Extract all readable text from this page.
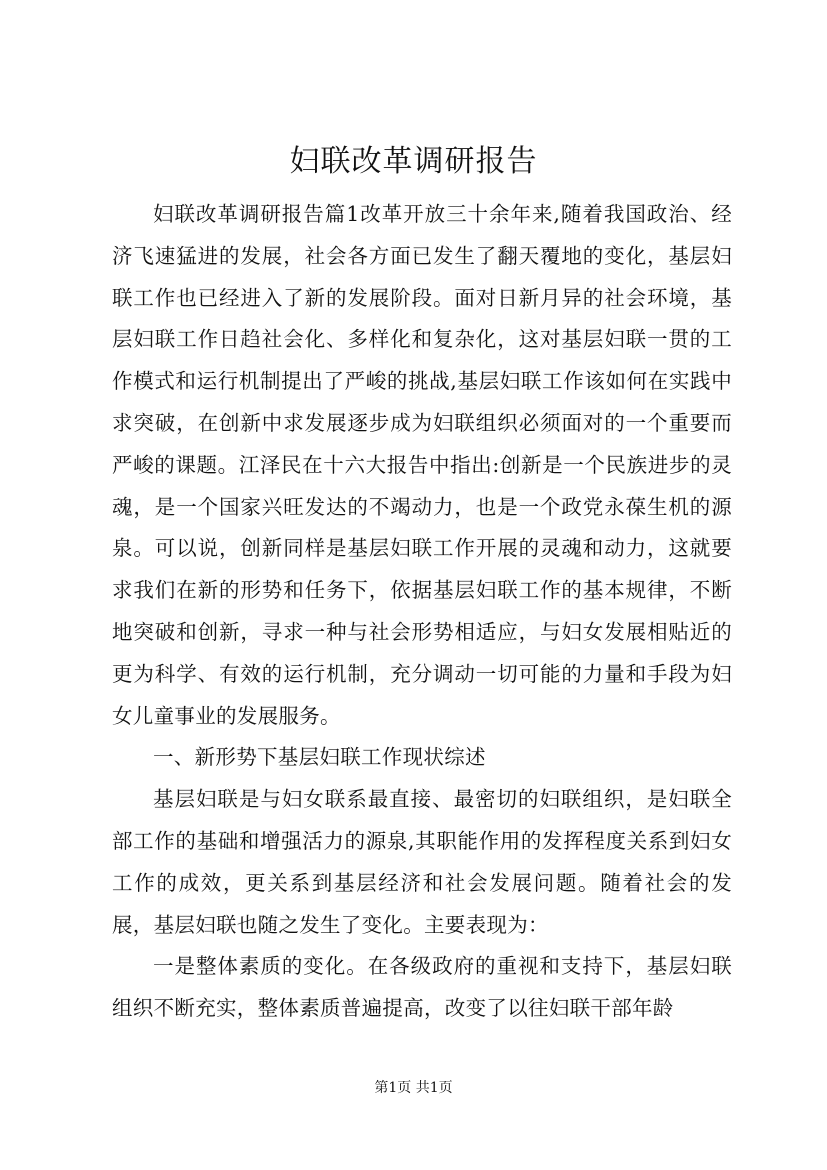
妇联改革调研报告

妇联改革调研报告篇1改革开放三十余年来,随着我国政治、经济飞速猛进的发展，社会各方面已发生了翻天覆地的变化，基层妇联工作也已经进入了新的发展阶段。面对日新月异的社会环境，基层妇联工作日趋社会化、多样化和复杂化，这对基层妇联一贯的工作模式和运行机制提出了严峻的挑战,基层妇联工作该如何在实践中求突破，在创新中求发展逐步成为妇联组织必须面对的一个重要而严峻的课题。江泽民在十六大报告中指出:创新是一个民族进步的灵魂，是一个国家兴旺发达的不竭动力，也是一个政党永葆生机的源泉。可以说，创新同样是基层妇联工作开展的灵魂和动力，这就要求我们在新的形势和任务下，依据基层妇联工作的基本规律，不断地突破和创新，寻求一种与社会形势相适应，与妇女发展相贴近的更为科学、有效的运行机制，充分调动一切可能的力量和手段为妇女儿童事业的发展服务。

一、新形势下基层妇联工作现状综述

基层妇联是与妇女联系最直接、最密切的妇联组织，是妇联全部工作的基础和增强活力的源泉,其职能作用的发挥程度关系到妇女工作的成效，更关系到基层经济和社会发展问题。随着社会的发展，基层妇联也随之发生了变化。主要表现为：

一是整体素质的变化。在各级政府的重视和支持下，基层妇联组织不断充实，整体素质普遍提高，改变了以往妇联干部年龄

第1页 共1页
